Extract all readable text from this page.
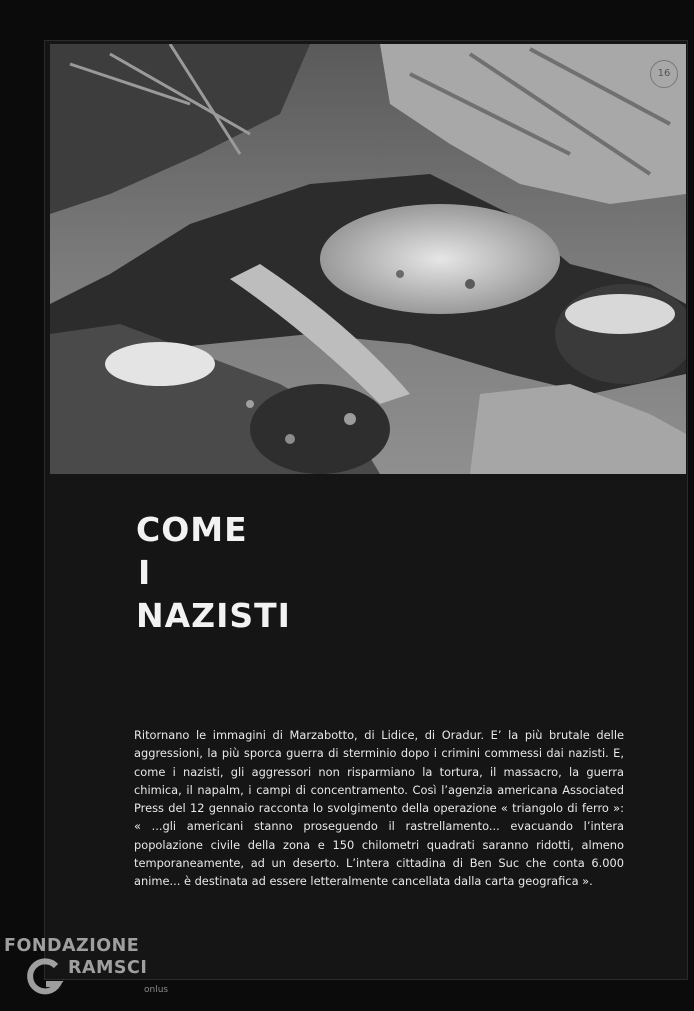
16
COME
I
NAZISTI

Ritornano le immagini di Marzabotto, di Lidice, di Oradur. E’ la più brutale delle aggressioni, la più sporca guerra di sterminio dopo i crimini commessi dai nazisti. E, come i nazisti, gli aggressori non risparmiano la tortura, il massacro, la guerra chimica, il napalm, i campi di concentramento. Così l’agenzia americana Associated Press del 12 gennaio racconta lo svolgimento della operazione « triangolo di ferro »: « ...gli americani stanno proseguendo il rastrellamento... evacuando l’intera popolazione civile della zona e 150 chilometri quadrati saranno ridotti, almeno temporaneamente, ad un deserto. L’intera cittadina di Ben Suc che conta 6.000 anime... è destinata ad essere letteralmente cancellata dalla carta geografica ».

FONDAZIONE
RAMSCI
onlus
